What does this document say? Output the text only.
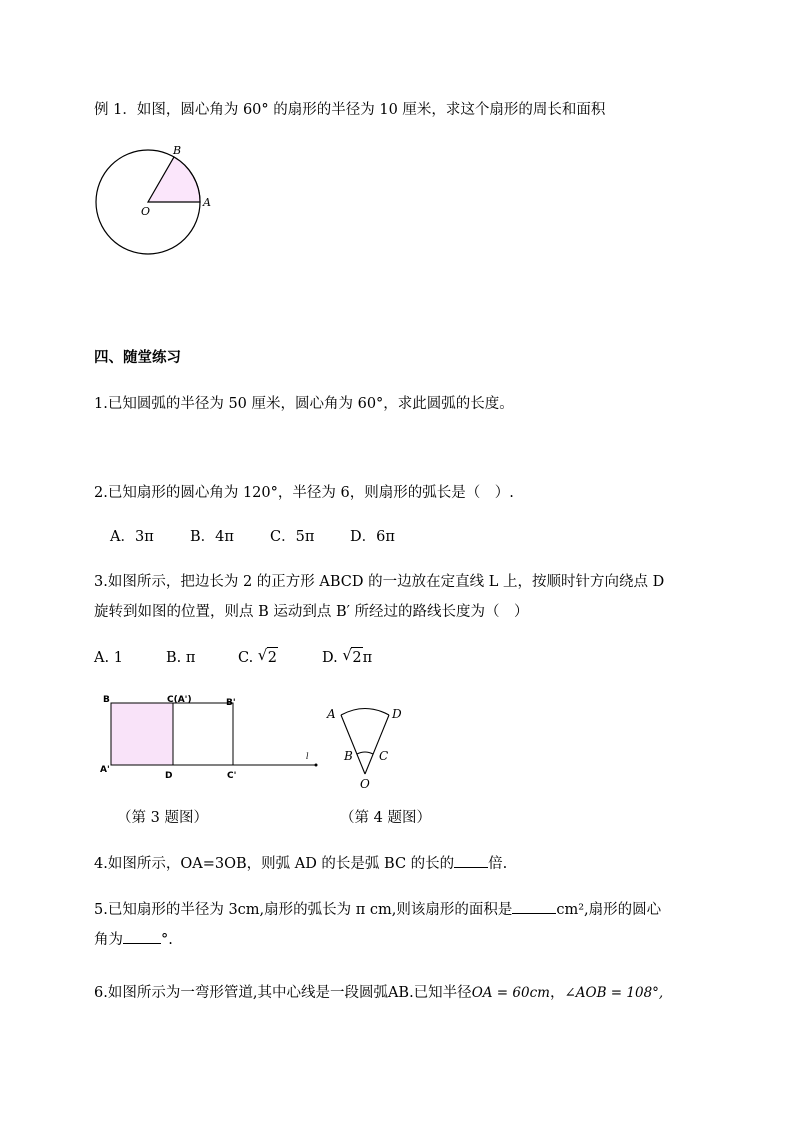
例 1．如图，圆心角为 60° 的扇形的半径为 10 厘米，求这个扇形的周长和面积
B
O
A
四、随堂练习
1.已知圆弧的半径为 50 厘米，圆心角为 60°，求此圆弧的长度。
2.已知扇形的圆心角为 120°，半径为 6，则扇形的弧长是（　）.
A．3π	B．4π C．5π D．6π
3.如图所示，把边长为 2 的正方形 ABCD 的一边放在定直线 L 上，按顺时针方向绕点 D
旋转到如图的位置，则点 B 运动到点 B′ 所经过的路线长度为（　）
A. 1	B. π	C. √ 2	D. √ 2π
B	C(A')	B'
A'
D	C'
l
A	D
B C
O
（第 3 题图）	（第 4 题图）
4.如图所示，OA=3OB，则弧 AD 的长是弧 BC 的长的 倍.
5.已知扇形的半径为 3cm,扇形的弧长为 π cm,则该扇形的面积是	cm²,扇形的圆心
角为	°.
6.如图所示为一弯形管道,其中心线是一段圆弧AB.已知半径OA = 60cm，∠AOB = 108°,
